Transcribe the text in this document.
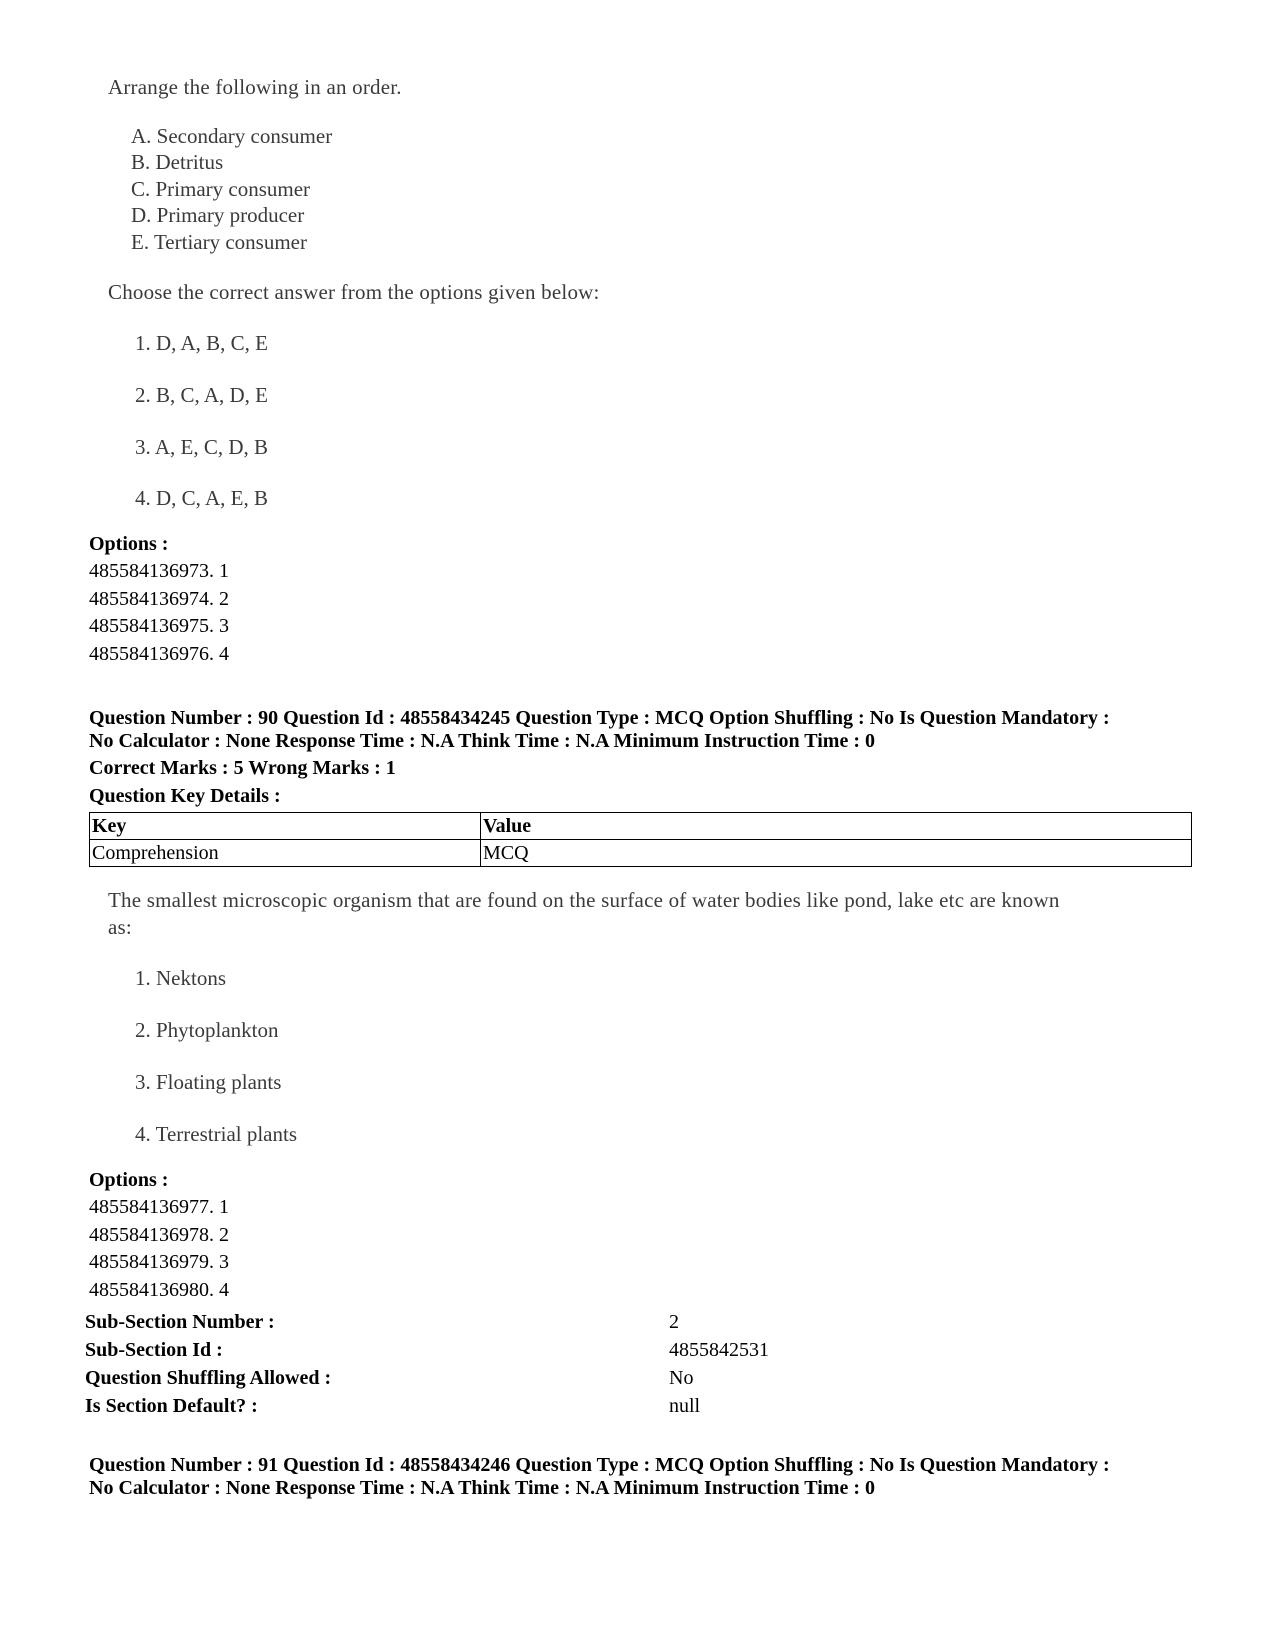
Arrange the following in an order.
A. Secondary consumer
B. Detritus
C. Primary consumer
D. Primary producer
E. Tertiary consumer
Choose the correct answer from the options given below:
1. D, A, B, C, E
2. B, C, A, D, E
3. A, E, C, D, B
4. D, C, A, E, B
Options :
485584136973. 1
485584136974. 2
485584136975. 3
485584136976. 4
Question Number : 90 Question Id : 48558434245 Question Type : MCQ Option Shuffling : No Is Question Mandatory :
No Calculator : None Response Time : N.A Think Time : N.A Minimum Instruction Time : 0
Correct Marks : 5 Wrong Marks : 1
Question Key Details :
Key	Value
Comprehension	MCQ
The smallest microscopic organism that are found on the surface of water bodies like pond, lake etc are known
as:
1. Nektons
2. Phytoplankton
3. Floating plants
4. Terrestrial plants
Options :
485584136977. 1
485584136978. 2
485584136979. 3
485584136980. 4
Sub-Section Number :	2
Sub-Section Id :	4855842531
Question Shuffling Allowed :	No
Is Section Default? :	null
Question Number : 91 Question Id : 48558434246 Question Type : MCQ Option Shuffling : No Is Question Mandatory :
No Calculator : None Response Time : N.A Think Time : N.A Minimum Instruction Time : 0
